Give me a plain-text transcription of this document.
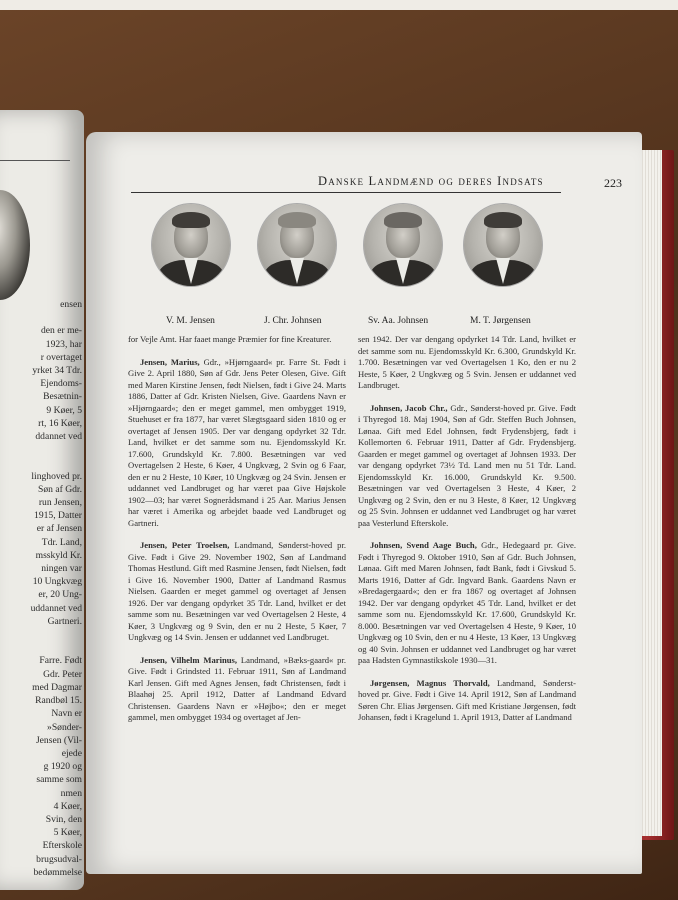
ensen

den er me-
1923, har
r overtaget
yrket 34 Tdr.
Ejendoms-
Besætnin-
9 Køer, 5
rt, 16 Køer,
ddannet ved

linghoved pr.
Søn af Gdr.
run Jensen,
1915, Datter
er af Jensen
Tdr. Land,
msskyld Kr.
ningen var
10 Ungkvæg
er, 20 Ung-
uddannet ved
Gartneri.

Farre. Født
Gdr. Peter
med Dagmar
Randbøl 15.
Navn er
»Sønder-
Jensen (Vil-
ejede
g 1920 og
samme som
nmen
4 Køer,
Svin, den
5 Køer,
Efterskole
brugsudval-
bedømmelse
Danske Landmænd og deres Indsats	223
V. M. Jensen	J. Chr. Johnsen	Sv. Aa. Johnsen	M. T. Jørgensen

for Vejle Amt. Har faaet mange Præmier for fine Kreaturer.

Jensen, Marius, Gdr., »Hjørngaard« pr. Farre St. Født i Give 2. April 1880, Søn af Gdr. Jens Peter Olesen, Give. Gift med Maren Kirstine Jensen, født Nielsen, født i Give 24. Marts 1886, Datter af Gdr. Kristen Nielsen, Give. Gaardens Navn er »Hjørngaard«; den er meget gammel, men ombygget 1919, Stuehuset er fra 1877, har været Slægtsgaard siden 1810 og er overtaget af Jensen 1905. Der var dengang opdyrket 32 Tdr. Land, hvilket er det samme som nu. Ejendomsskyld Kr. 17.600, Grundskyld Kr. 7.800. Besætningen var ved Overtagelsen 2 Heste, 6 Køer, 4 Ungkvæg, 2 Svin og 6 Faar, den er nu 2 Heste, 10 Køer, 10 Ungkvæg og 24 Svin. Jensen er uddannet ved Landbruget og har været paa Give Højskole 1902—03; har været Sognerådsmand i 25 Aar. Marius Jensen har været i Amerika og arbejdet baade ved Landbruget og Gartneri.

Jensen, Peter Troelsen, Landmand, Sønderst-hoved pr. Give. Født i Give 29. November 1902, Søn af Landmand Thomas Hestlund. Gift med Rasmine Jensen, født Nielsen, født i Give 16. November 1900, Datter af Landmand Rasmus Nielsen. Gaarden er meget gammel og overtaget af Jensen 1926. Der var dengang opdyrket 35 Tdr. Land, hvilket er det samme som nu. Besætningen var ved Overtagelsen 2 Heste, 4 Køer, 3 Ungkvæg og 9 Svin, den er nu 2 Heste, 5 Køer, 7 Ungkvæg og 14 Svin. Jensen er uddannet ved Landbruget.

Jensen, Vilhelm Marinus, Landmand, »Bæks-gaard« pr. Give. Født i Grindsted 11. Februar 1911, Søn af Landmand Karl Jensen. Gift med Agnes Jensen, født Christensen, født i Blaahøj 25. April 1912, Datter af Landmand Edvard Christensen. Gaardens Navn er »Højbo«; den er meget gammel, men ombygget 1934 og overtaget af Jen-

sen 1942. Der var dengang opdyrket 14 Tdr. Land, hvilket er det samme som nu. Ejendomsskyld Kr. 6.300, Grundskyld Kr. 1.700. Besætningen var ved Overtagelsen 1 Ko, den er nu 2 Heste, 5 Køer, 2 Ungkvæg og 5 Svin. Jensen er uddannet ved Landbruget.

Johnsen, Jacob Chr., Gdr., Sønderst-hoved pr. Give. Født i Thyregod 18. Maj 1904, Søn af Gdr. Steffen Buch Johnsen, Lønaa. Gift med Edel Johnsen, født Frydensbjerg, født i Kollemorten 6. Februar 1911, Datter af Gdr. Frydensbjerg. Gaarden er meget gammel og overtaget af Johnsen 1933. Der var dengang opdyrket 73½ Td. Land men nu 51 Tdr. Land. Ejendomsskyld Kr. 16.000, Grundskyld Kr. 9.500. Besætningen var ved Overtagelsen 3 Heste, 4 Køer, 2 Ungkvæg og 2 Svin, den er nu 3 Heste, 8 Køer, 12 Ungkvæg og 25 Svin. Johnsen er uddannet ved Landbruget og har været paa Vesterlund Efterskole.

Johnsen, Svend Aage Buch, Gdr., Hedegaard pr. Give. Født i Thyregod 9. Oktober 1910, Søn af Gdr. Buch Johnsen, Lønaa. Gift med Maren Johnsen, født Bank, født i Givskud 5. Marts 1916, Datter af Gdr. Ingvard Bank. Gaardens Navn er »Bredagergaard«; den er fra 1867 og overtaget af Johnsen 1942. Der var dengang opdyrket 45 Tdr. Land, hvilket er det samme som nu. Ejendomsskyld Kr. 17.600, Grundskyld Kr. 8.000. Besætningen var ved Overtagelsen 4 Heste, 9 Køer, 10 Ungkvæg og 10 Svin, den er nu 4 Heste, 13 Køer, 13 Ungkvæg og 40 Svin. Johnsen er uddannet ved Landbruget og har været paa Hadsten Gymnastikskole 1930—31.

Jørgensen, Magnus Thorvald, Landmand, Sønderst-hoved pr. Give. Født i Give 14. April 1912, Søn af Landmand Søren Chr. Elias Jørgensen. Gift med Kristiane Jørgensen, født Johansen, født i Kragelund 1. April 1913, Datter af Landmand
